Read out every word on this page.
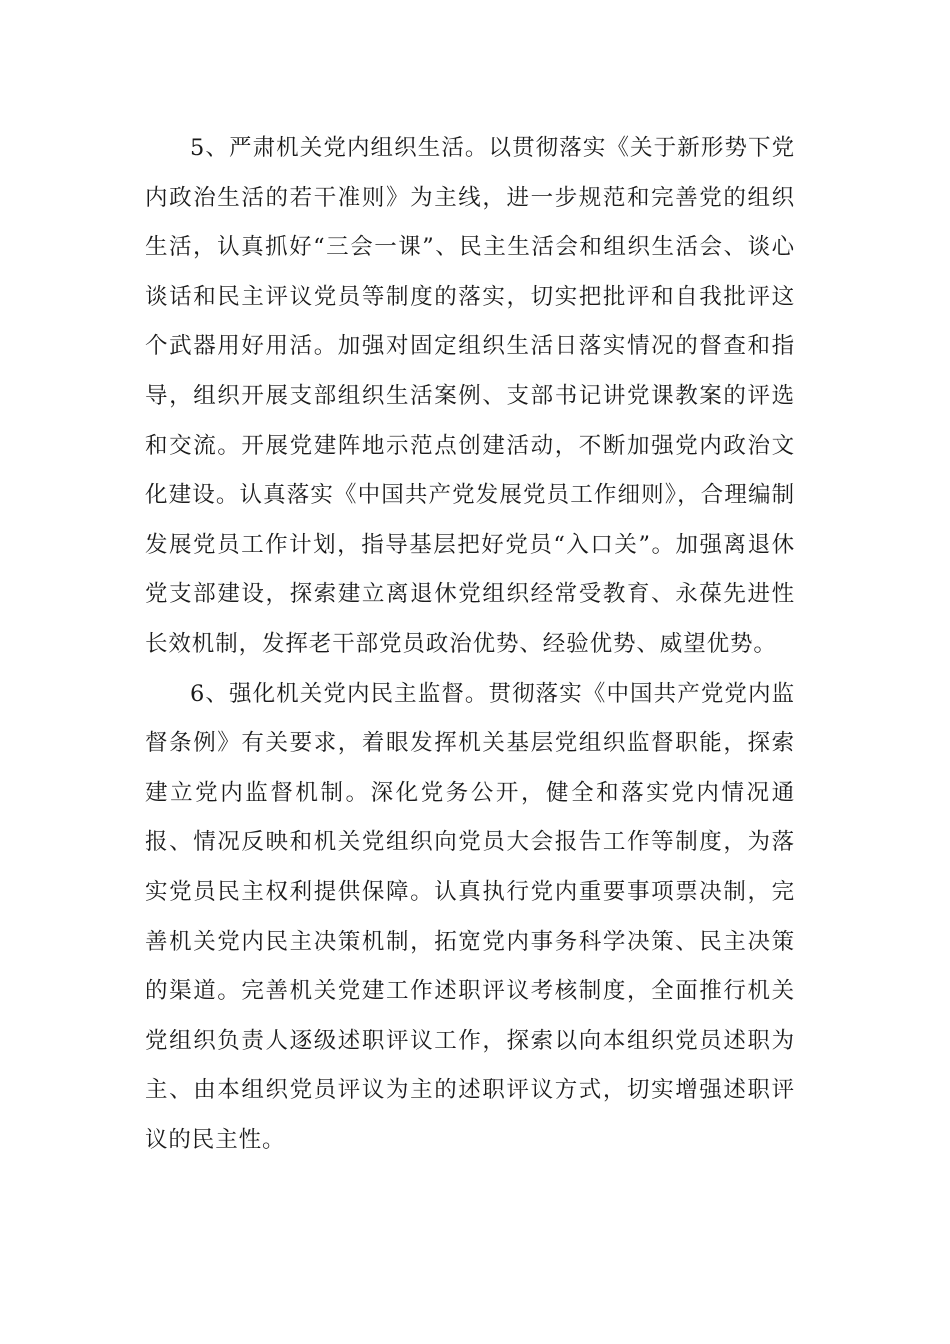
5、严肃机关党内组织生活。以贯彻落实《关于新形势下党内政治生活的若干准则》为主线，进一步规范和完善党的组织生活，认真抓好“三会一课”、民主生活会和组织生活会、谈心谈话和民主评议党员等制度的落实，切实把批评和自我批评这个武器用好用活。加强对固定组织生活日落实情况的督查和指导，组织开展支部组织生活案例、支部书记讲党课教案的评选和交流。开展党建阵地示范点创建活动，不断加强党内政治文化建设。认真落实《中国共产党发展党员工作细则》，合理编制发展党员工作计划，指导基层把好党员“入口关”。加强离退休党支部建设，探索建立离退休党组织经常受教育、永葆先进性长效机制，发挥老干部党员政治优势、经验优势、威望优势。

6、强化机关党内民主监督。贯彻落实《中国共产党党内监督条例》有关要求，着眼发挥机关基层党组织监督职能，探索建立党内监督机制。深化党务公开，健全和落实党内情况通报、情况反映和机关党组织向党员大会报告工作等制度，为落实党员民主权利提供保障。认真执行党内重要事项票决制，完善机关党内民主决策机制，拓宽党内事务科学决策、民主决策的渠道。完善机关党建工作述职评议考核制度，全面推行机关党组织负责人逐级述职评议工作，探索以向本组织党员述职为主、由本组织党员评议为主的述职评议方式，切实增强述职评议的民主性。
